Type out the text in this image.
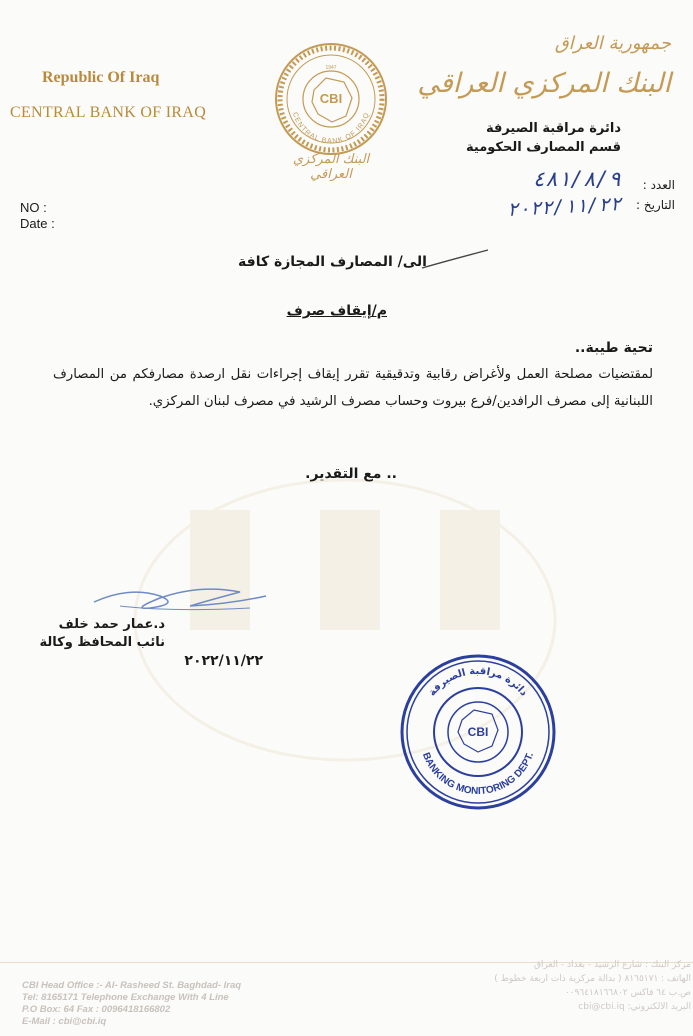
Republic Of Iraq
CENTRAL BANK OF IRAQ
CBI
1947
CENTRAL BANK OF IRAQ
البنك المركزي العراقي
جمهورية العراق
البنك المركزي العراقي
دائرة مراقبة الصيرفة
قسم المصارف الحكومية
العدد :
التاريخ :
٤٨١/٨/٩
٢٠٢٢/١١/٢٢
NO :
Date :
الى/ المصارف المجازة كافة
م/إيقاف صرف
تحية طيبة..
لمقتضيات مصلحة العمل ولأغراض رقابية وتدقيقية تقرر إيقاف إجراءات نقل ارصدة مصارفكم من المصارف اللبنانية إلى مصرف الرافدين/فرع بيروت وحساب مصرف الرشيد في مصرف لبنان المركزي.
.. مع التقدير.
د.عمار حمد خلف
نائب المحافظ وكالة
٢٠٢٢/١١/٢٢
CBI
BANKING MONITORING DEPT.
دائرة مراقبة الصيرفة
CBI Head Office :- Al- Rasheed St. Baghdad- Iraq
Tel: 8165171 Telephone Exchange With 4 Line
P.O Box: 64 Fax : 0096418166802
E-Mail : cbi@cbi.iq
مركز البنك : شارع الرشيد - بغداد - العراق
الهاتف : ٨١٦٥١٧١ ( بدالة مركزية ذات اربعة خطوط )
ص.ب ٦٤ فاكس ٠٠٩٦٤١٨١٦٦٨٠٢
البريد الالكتروني: cbi@cbi.iq
